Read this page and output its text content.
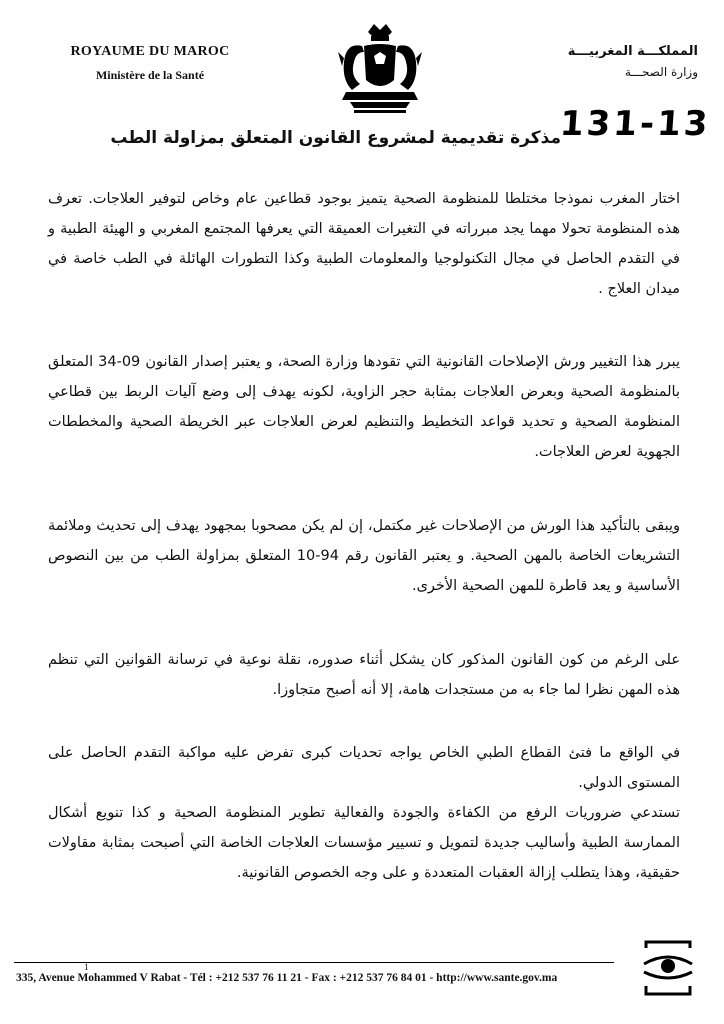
ROYAUME DU MAROC
Ministère de la Santé
المملكـــة المغربيـــة
وزارة الصحـــة
131-13
مذكرة تقديمية لمشروع القانون المتعلق بمزاولة الطب
اختار المغرب نموذجا مختلطا للمنظومة الصحية يتميز بوجود قطاعين عام وخاص لتوفير العلاجات. تعرف هذه المنظومة تحولا مهما يجد مبرراته في التغيرات العميقة التي يعرفها المجتمع المغربي و الهيئة الطبية و في التقدم الحاصل في مجال التكنولوجيا والمعلومات الطبية وكذا التطورات الهائلة في الطب خاصة في ميدان العلاج .
يبرر هذا التغيير ورش الإصلاحات القانونية التي تقودها وزارة الصحة، و يعتبر إصدار القانون 09-34 المتعلق بالمنظومة الصحية وبعرض العلاجات بمثابة حجر الزاوية، لكونه يهدف إلى وضع آليات الربط بين قطاعي المنظومة الصحية و تحديد قواعد التخطيط والتنظيم لعرض العلاجات عبر الخريطة الصحية والمخططات الجهوية لعرض العلاجات.
ويبقى بالتأكيد هذا الورش من الإصلاحات غير مكتمل، إن لم يكن مصحوبا بمجهود يهدف إلى تحديث وملائمة التشريعات الخاصة بالمهن الصحية. و يعتبر القانون رقم 94-10 المتعلق بمزاولة الطب من بين النصوص الأساسية و يعد قاطرة للمهن الصحية الأخرى.
على الرغم من كون القانون المذكور كان يشكل أثناء صدوره، نقلة نوعية في ترسانة القوانين التي تنظم هذه المهن نظرا لما جاء به من مستجدات هامة، إلا أنه أصبح متجاوزا.
في الواقع ما فتئ القطاع الطبي الخاص يواجه تحديات كبرى تفرض عليه مواكبة التقدم الحاصل على المستوى الدولي.
تستدعي ضروريات الرفع من الكفاءة والجودة والفعالية تطوير المنظومة الصحية و كذا تنويع أشكال الممارسة الطبية وأساليب جديدة لتمويل و تسيير مؤسسات العلاجات الخاصة التي أصبحت بمثابة مقاولات حقيقية، وهذا يتطلب إزالة العقبات المتعددة و على وجه الخصوص القانونية.
335, Avenue Mohammed V Rabat - Tél : +212 537 76 11 21 - Fax : +212 537 76 84 01 - http://www.sante.gov.ma
1
